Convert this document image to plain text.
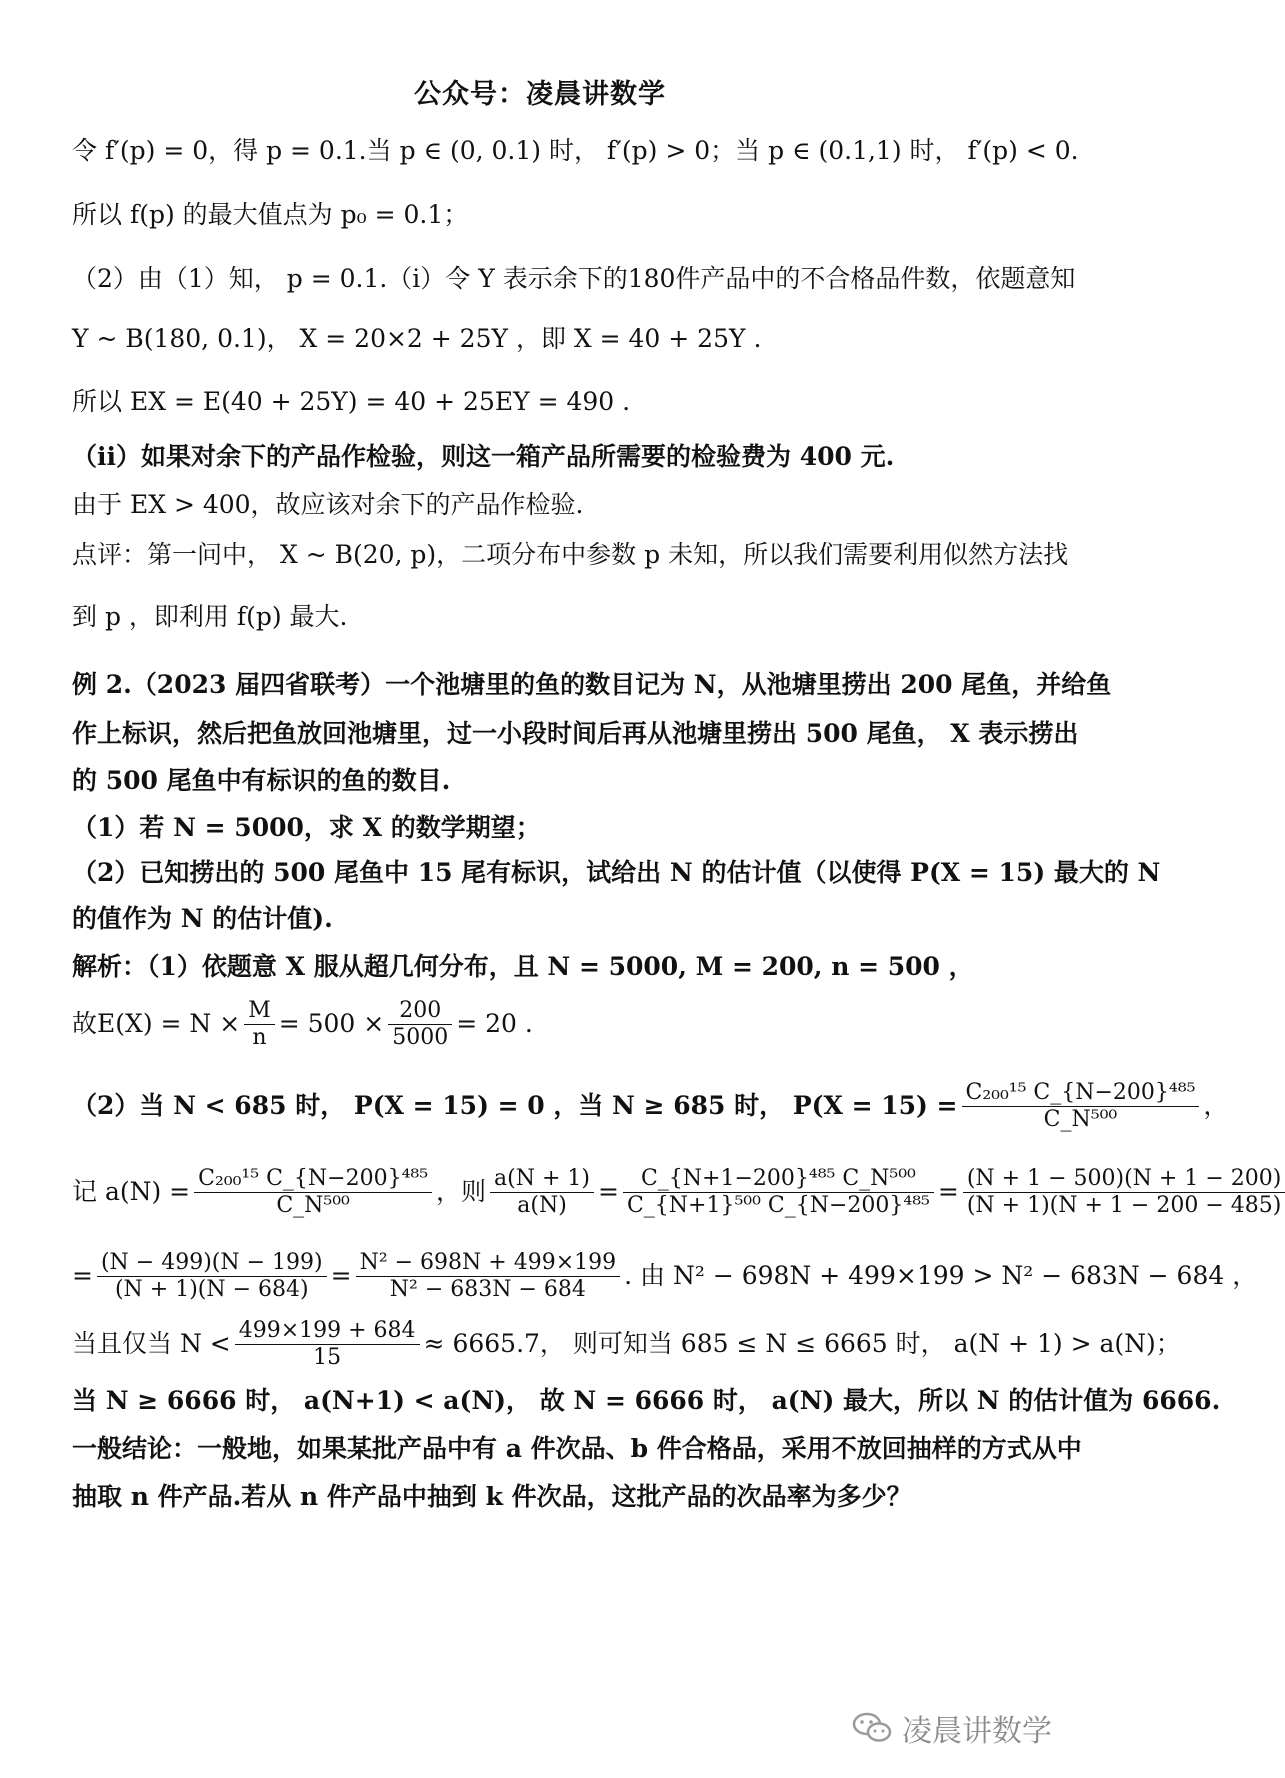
公众号：凌晨讲数学
令 f′(p) = 0，得 p = 0.1.当 p ∈ (0, 0.1) 时， f′(p) > 0；当 p ∈ (0.1,1) 时， f′(p) < 0.
所以 f(p) 的最大值点为 p₀ = 0.1；
（2）由（1）知， p = 0.1.（i）令 Y 表示余下的180件产品中的不合格品件数，依题意知
Y ~ B(180, 0.1)， X = 20×2 + 25Y ，即 X = 40 + 25Y .
所以 EX = E(40 + 25Y) = 40 + 25EY = 490 .
（ii）如果对余下的产品作检验，则这一箱产品所需要的检验费为 400 元.
由于 EX > 400，故应该对余下的产品作检验.
点评：第一问中， X ~ B(20, p)，二项分布中参数 p 未知，所以我们需要利用似然方法找
到 p ，即利用 f(p) 最大.
例 2.（2023 届四省联考）一个池塘里的鱼的数目记为 N，从池塘里捞出 200 尾鱼，并给鱼
作上标识，然后把鱼放回池塘里，过一小段时间后再从池塘里捞出 500 尾鱼， X 表示捞出
的 500 尾鱼中有标识的鱼的数目.
（1）若 N = 5000，求 X 的数学期望；
（2）已知捞出的 500 尾鱼中 15 尾有标识，试给出 N 的估计值（以使得 P(X = 15) 最大的 N
的值作为 N 的估计值).
解析：（1）依题意 X 服从超几何分布，且 N = 5000, M = 200, n = 500 ，
故 $E(X) = N \times \frac{M}{n} = 500 \times \frac{200}{5000} = 20$ .
（2）当 N < 685 时， P(X = 15) = 0 ，当 N ≥ 685 时， $P(X = 15) = \frac{\text{C₂₀₀¹⁵ C\_\{N−200\}⁴⁸⁵}}{\text{C\_N⁵⁰⁰}}$ ，
记 $a(N) = \frac{\text{C₂₀₀¹⁵ C\_\{N−200\}⁴⁸⁵}}{\text{C\_N⁵⁰⁰}}$ ，则 $\frac{a(N + 1)}{a(N)} = \frac{\text{C\_\{N+1−200\}⁴⁸⁵ C\_N⁵⁰⁰}}{\text{C\_\{N+1\}⁵⁰⁰ C\_\{N−200\}⁴⁸⁵}} = \frac{(N + 1 - 500)(N + 1 - 200)}{(N + 1)(N + 1 - 200 - 485)}$
= $\frac{(N - 499)(N - 199)}{(N + 1)(N - 684)} = \frac{\text{N² − 698N + 499×199}}{\text{N² − 683N − 684}}$ . 由 N² − 698N + 499×199 > N² − 683N − 684 ，
当且仅当 $N < \frac{499\times 199 + 684}{15} \approx 6665.7$， 则可知当 685 ≤ N ≤ 6665 时， a(N + 1) > a(N)；
当 N ≥ 6666 时， a(N+1) < a(N)， 故 N = 6666 时， a(N) 最大，所以 N 的估计值为 6666.
一般结论：一般地，如果某批产品中有 a 件次品、b 件合格品，采用不放回抽样的方式从中
抽取 n 件产品.若从 n 件产品中抽到 k 件次品，这批产品的次品率为多少？
凌晨讲数学
